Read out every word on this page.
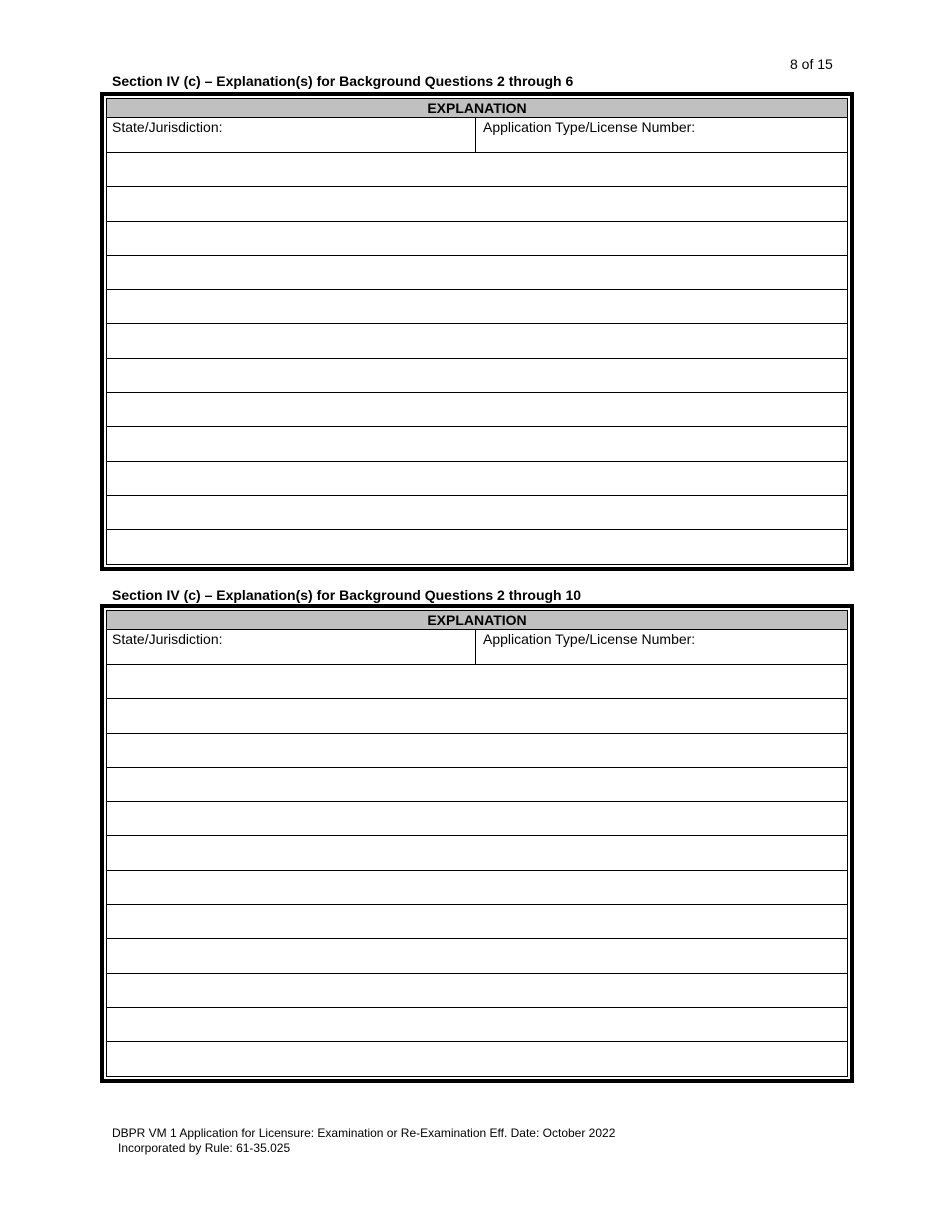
8 of 15
Section IV (c) – Explanation(s) for Background Questions 2 through 6
EXPLANATION
State/Jurisdiction:	Application Type/License Number:
Section IV (c) – Explanation(s) for Background Questions 2 through 10
EXPLANATION
State/Jurisdiction:	Application Type/License Number:
DBPR VM 1 Application for Licensure: Examination or Re-Examination Eff. Date: October 2022
Incorporated by Rule: 61-35.025
